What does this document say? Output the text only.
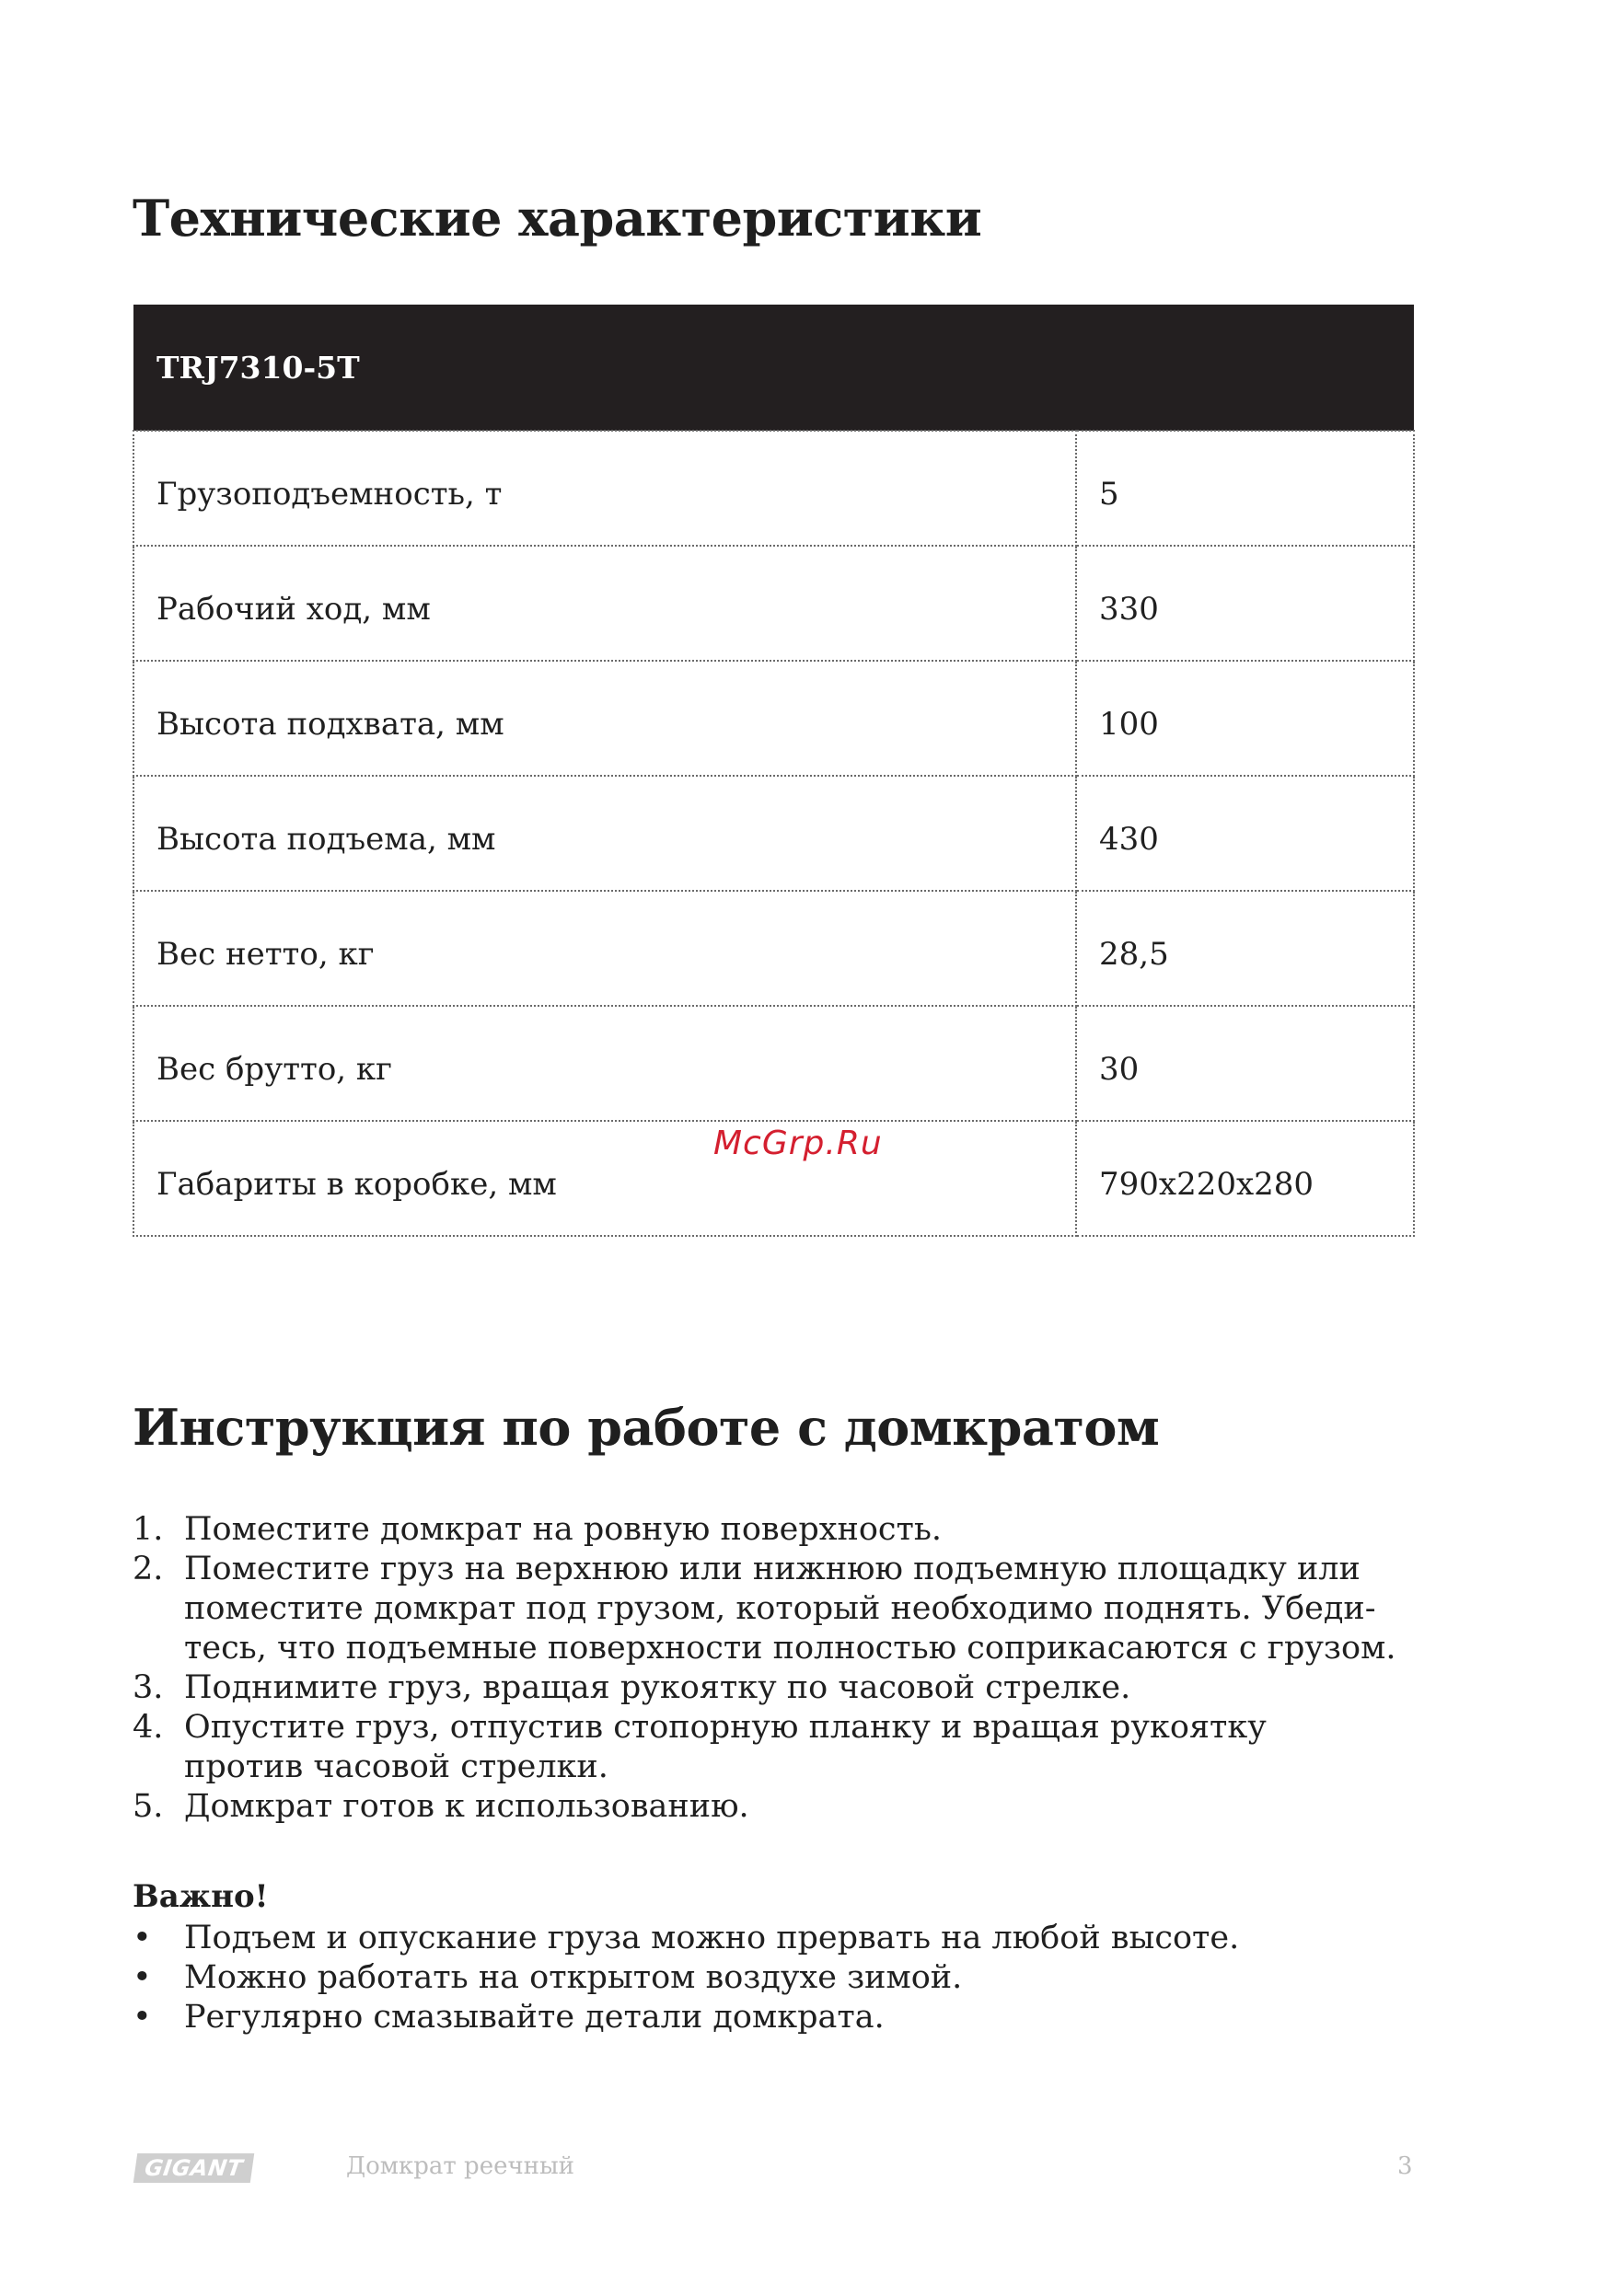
Технические характеристики
TRJ7310-5T	
Грузоподъемность, т	5
Рабочий ход, мм	330
Высота подхвата, мм	100
Высота подъема, мм	430
Вес нетто, кг	28,5
Вес брутто, кг	30
Габариты в коробке, мм	790х220х280
McGrp.Ru
Инструкция по работе с домкратом
1. Поместите домкрат на ровную поверхность.
2. Поместите груз на верхнюю или нижнюю подъемную площадку или
поместите домкрат под грузом, который необходимо поднять. Убеди-
тесь, что подъемные поверхности полностью соприкасаются с грузом.
3. Поднимите груз, вращая рукоятку по часовой стрелке.
4. Опустите груз, отпустив стопорную планку и вращая рукоятку
против часовой стрелки.
5. Домкрат готов к использованию.
Важно!
• Подъем и опускание груза можно прервать на любой высоте.
• Можно работать на открытом воздухе зимой.
• Регулярно смазывайте детали домкрата.
GIGANT	Домкрат реечный	3
